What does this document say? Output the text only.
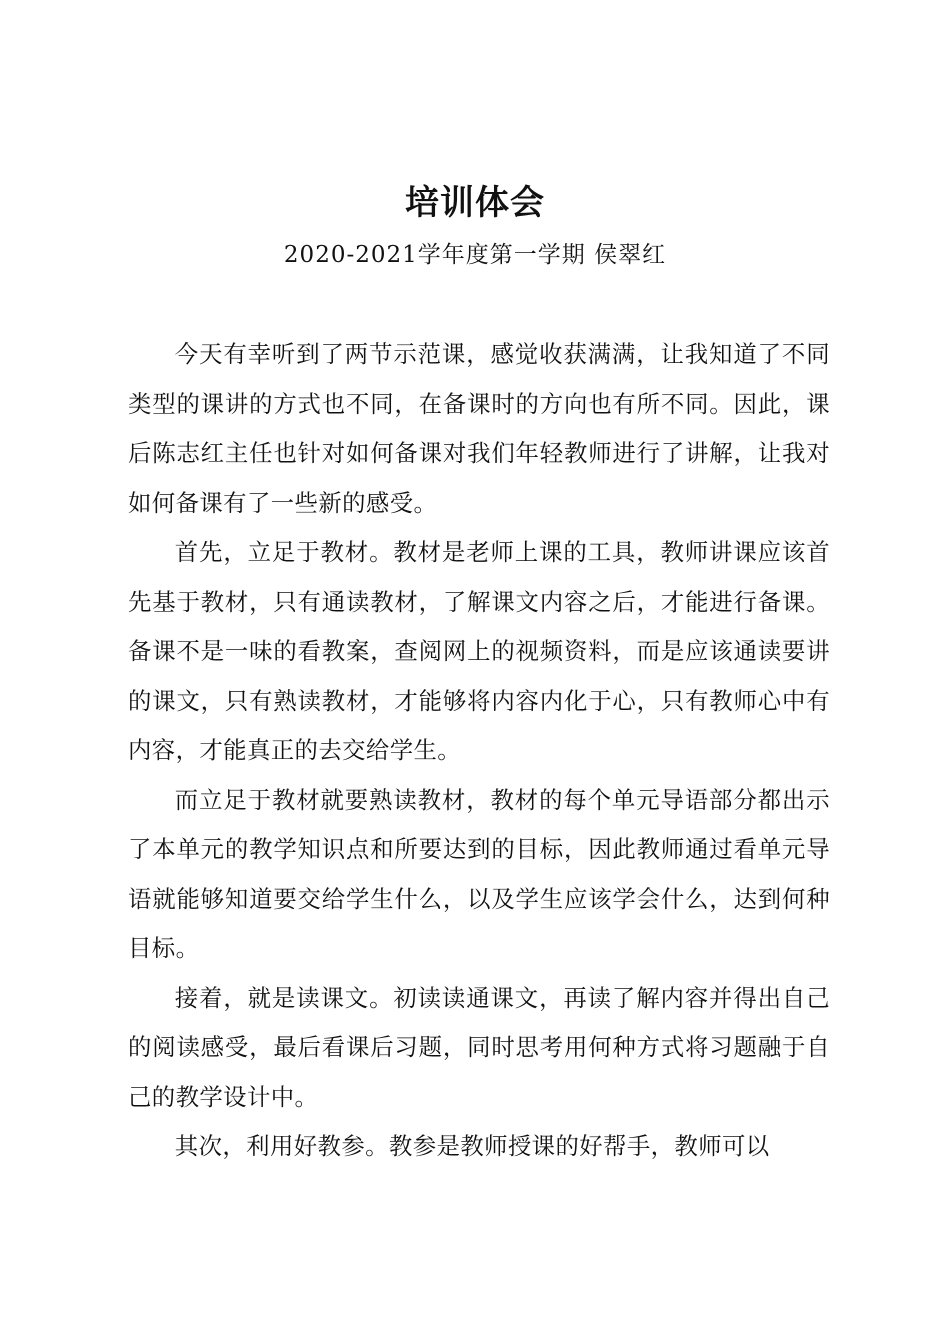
培训体会
2020-2021学年度第一学期 侯翠红

今天有幸听到了两节示范课，感觉收获满满，让我知道了不同类型的课讲的方式也不同，在备课时的方向也有所不同。因此，课后陈志红主任也针对如何备课对我们年轻教师进行了讲解，让我对如何备课有了一些新的感受。

首先，立足于教材。教材是老师上课的工具，教师讲课应该首先基于教材，只有通读教材，了解课文内容之后，才能进行备课。备课不是一味的看教案，查阅网上的视频资料，而是应该通读要讲的课文，只有熟读教材，才能够将内容内化于心，只有教师心中有内容，才能真正的去交给学生。

而立足于教材就要熟读教材，教材的每个单元导语部分都出示了本单元的教学知识点和所要达到的目标，因此教师通过看单元导语就能够知道要交给学生什么，以及学生应该学会什么，达到何种目标。

接着，就是读课文。初读读通课文，再读了解内容并得出自己的阅读感受，最后看课后习题，同时思考用何种方式将习题融于自己的教学设计中。

其次，利用好教参。教参是教师授课的好帮手，教师可以
